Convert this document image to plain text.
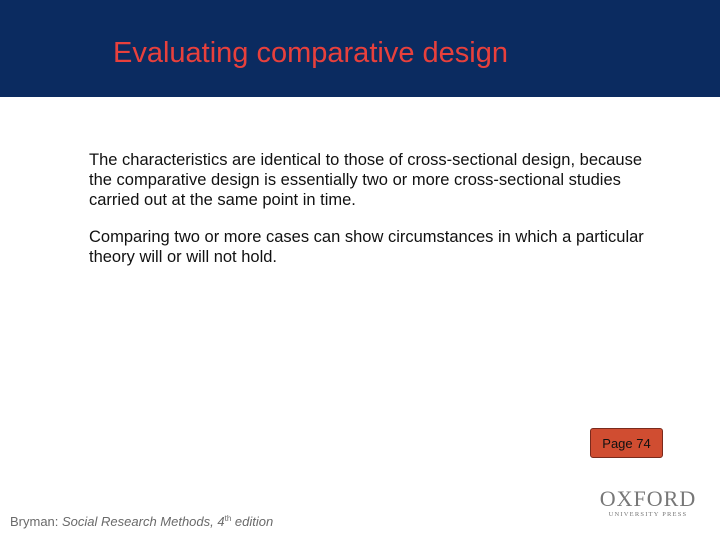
Evaluating comparative design

The characteristics are identical to those of cross-sectional design, because the comparative design is essentially two or more cross-sectional studies carried out at the same point in time.

Comparing two or more cases can show circumstances in which a particular theory will or will not hold.

Page 74
Bryman: Social Research Methods, 4th edition
OXFORD
UNIVERSITY PRESS
